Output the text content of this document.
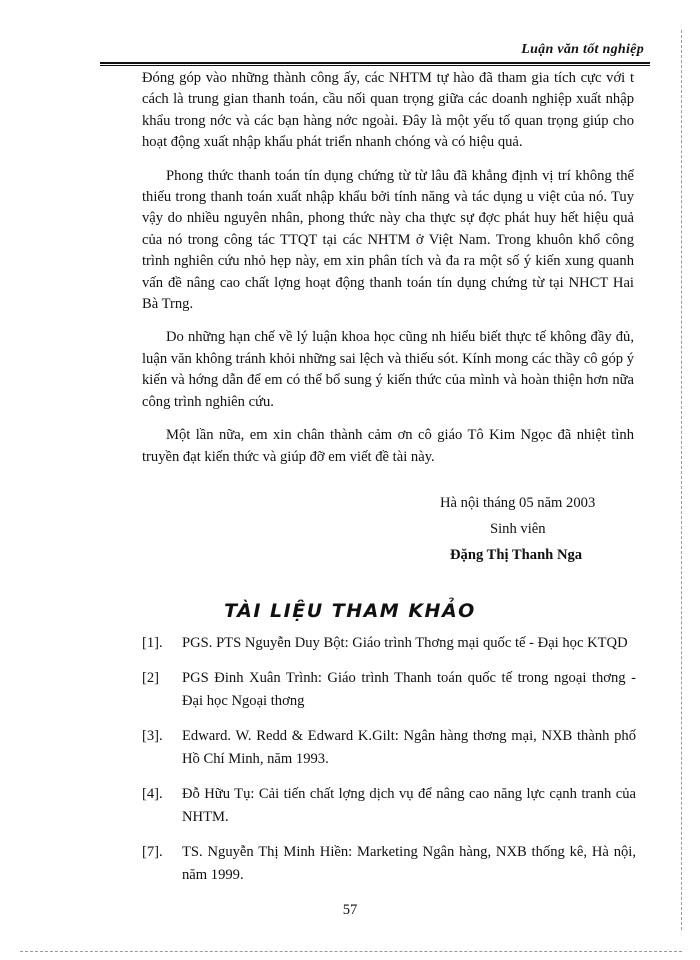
Luận văn tốt nghiệp

Đóng góp vào những thành công ấy, các NHTM tự hào đã tham gia tích cực với t cách là trung gian thanh toán, cầu nối quan trọng giữa các doanh nghiệp xuất nhập khẩu trong nớc và các bạn hàng nớc ngoài. Đây là một yếu tố quan trọng giúp cho hoạt động xuất nhập khẩu phát triển nhanh chóng và có hiệu quả.

Phong thức thanh toán tín dụng chứng từ từ lâu đã khẳng định vị trí không thể thiếu trong thanh toán xuất nhập khẩu bởi tính năng và tác dụng u việt của nó. Tuy vậy do nhiều nguyên nhân, phong thức này cha thực sự đợc phát huy hết hiệu quả của nó trong công tác TTQT tại các NHTM ở Việt Nam. Trong khuôn khổ công trình nghiên cứu nhỏ hẹp này, em xin phân tích và đa ra một số ý kiến xung quanh vấn đề nâng cao chất lợng hoạt động thanh toán tín dụng chứng từ tại NHCT Hai Bà Trng.

Do những hạn chế về lý luận khoa học cũng nh hiểu biết thực tế không đầy đủ, luận văn không tránh khỏi những sai lệch và thiếu sót. Kính mong các thầy cô góp ý kiến và hớng dẫn để em có thể bổ sung ý kiến thức của mình và hoàn thiện hơn nữa công trình nghiên cứu.

Một lần nữa, em xin chân thành cảm ơn cô giáo Tô Kim Ngọc đã nhiệt tình truyền đạt kiến thức và giúp đỡ em viết đề tài này.

Hà nội tháng 05 năm 2003
Sinh viên
Đặng Thị Thanh Nga
TÀI LIỆU THAM KHẢO
[1].	PGS. PTS Nguyễn Duy Bột: Giáo trình Thơng mại quốc tế - Đại học KTQD
[2]	PGS Đinh Xuân Trình: Giáo trình Thanh toán quốc tế trong ngoại thơng - Đại học Ngoại thơng
[3].	Edward. W. Redd & Edward K.Gilt: Ngân hàng thơng mại, NXB thành phố Hồ Chí Minh, năm 1993.
[4].	Đỗ Hữu Tụ: Cải tiến chất lợng dịch vụ để nâng cao năng lực cạnh tranh của NHTM.
[7].	TS. Nguyễn Thị Minh Hiền: Marketing Ngân hàng, NXB thống kê, Hà nội, năm 1999.
57
